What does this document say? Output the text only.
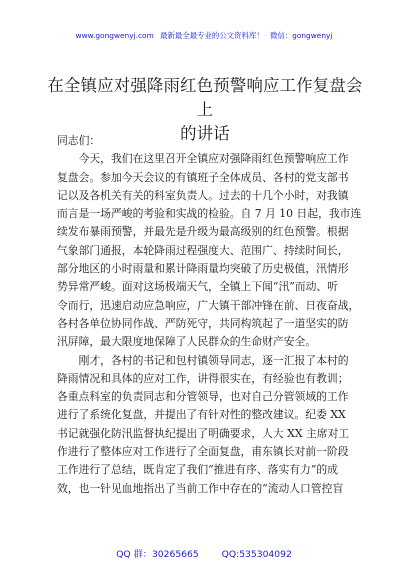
www.gongwenyj.com 最新最全最专业的公文资料库！ 微信：gongwenyj
在全镇应对强降雨红色预警响应工作复盘会上
的讲话
同志们：
　　今天，我们在这里召开全镇应对强降雨红色预警响应工作
复盘会。参加今天会议的有镇班子全体成员、各村的党支部书
记以及各机关有关的科室负责人。过去的十几个小时，对我镇
而言是一场严峻的考验和实战的检验。自 7 月 10 日起，我市连
续发布暴雨预警，并最先是升级为最高级别的红色预警。根据
气象部门通报，本轮降雨过程强度大、范围广、持续时间长，
部分地区的小时雨量和累计降雨量均突破了历史极值，汛情形
势异常严峻。面对这场极端天气，全镇上下闻“汛”而动、听
令而行，迅速启动应急响应，广大镇干部冲锋在前、日夜奋战，
各村各单位协同作战、严防死守，共同构筑起了一道坚实的防
汛屏障，最大限度地保障了人民群众的生命财产安全。
　　刚才，各村的书记和包村镇领导同志，逐一汇报了本村的
降雨情况和具体的应对工作，讲得很实在，有经验也有教训；
各重点科室的负责同志和分管领导，也对自己分管领域的工作
进行了系统化复盘，并提出了有针对性的整改建议。纪委 XX
书记就强化防汛监督执纪提出了明确要求，人大 XX 主席对工
作进行了整体应对工作进行了全面复盘，甫东镇长对前一阶段
工作进行了总结，既肯定了我们“推进有序、落实有力”的成
效，也一针见血地指出了当前工作中存在的“流动人口管控盲
QQ 群：30265665 QQ:535304092
